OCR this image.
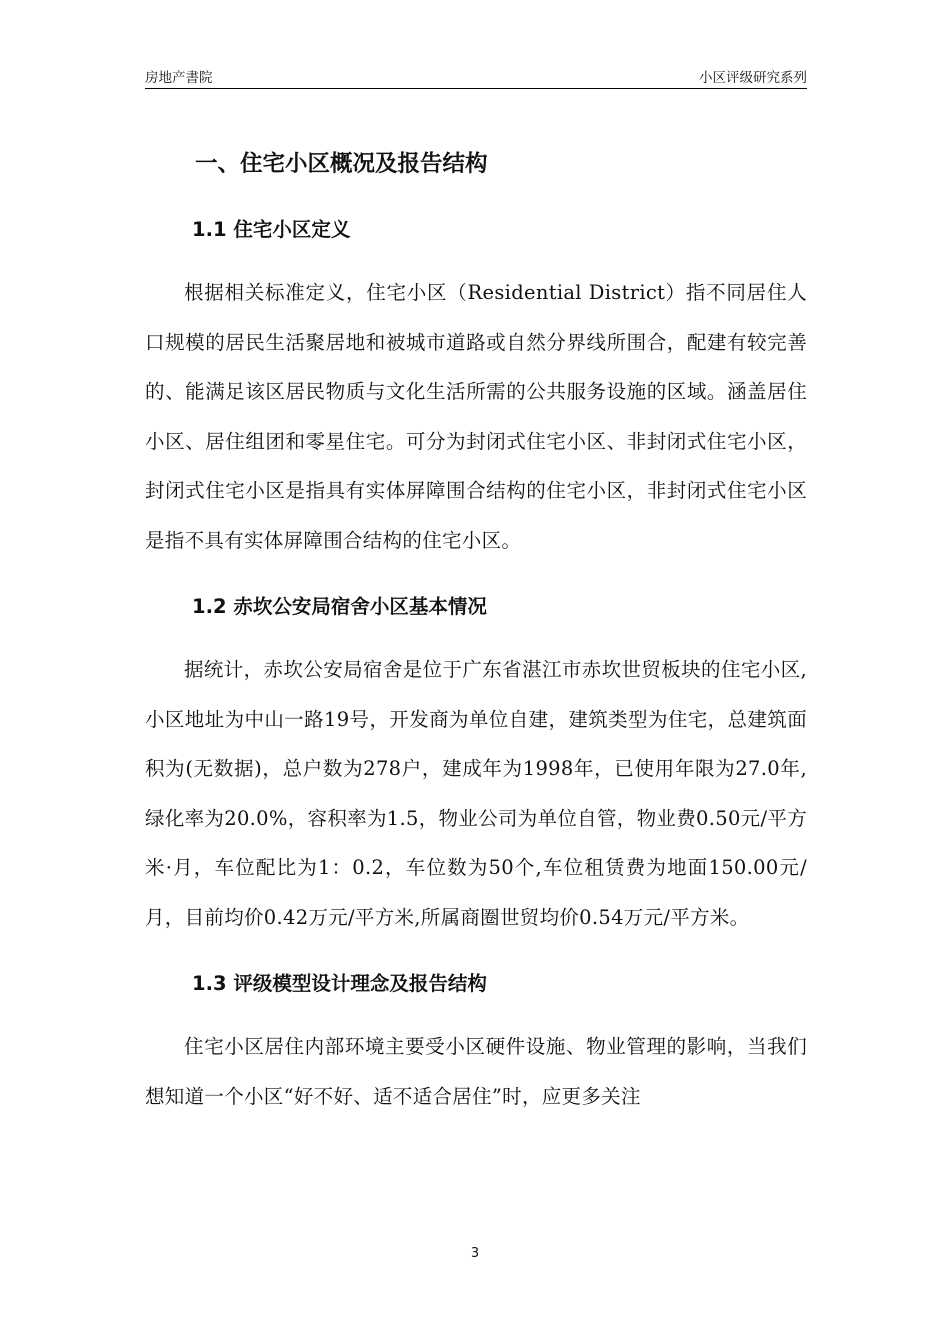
房地产書院	小区评级研究系列
一、住宅小区概况及报告结构
1.1 住宅小区定义

根据相关标准定义，住宅小区（Residential District）指不同居住人口规模的居民生活聚居地和被城市道路或自然分界线所围合，配建有较完善的、能满足该区居民物质与文化生活所需的公共服务设施的区域。涵盖居住小区、居住组团和零星住宅。可分为封闭式住宅小区、非封闭式住宅小区，封闭式住宅小区是指具有实体屏障围合结构的住宅小区，非封闭式住宅小区是指不具有实体屏障围合结构的住宅小区。

1.2 赤坎公安局宿舍小区基本情况

据统计，赤坎公安局宿舍是位于广东省湛江市赤坎世贸板块的住宅小区,小区地址为中山一路19号，开发商为单位自建，建筑类型为住宅，总建筑面积为(无数据)，总户数为278户，建成年为1998年，已使用年限为27.0年,绿化率为20.0%，容积率为1.5，物业公司为单位自管，物业费0.50元/平方米·月，车位配比为1：0.2，车位数为50个,车位租赁费为地面150.00元/月，目前均价0.42万元/平方米,所属商圈世贸均价0.54万元/平方米。

1.3 评级模型设计理念及报告结构

住宅小区居住内部环境主要受小区硬件设施、物业管理的影响，当我们想知道一个小区“好不好、适不适合居住”时，应更多关注

3
